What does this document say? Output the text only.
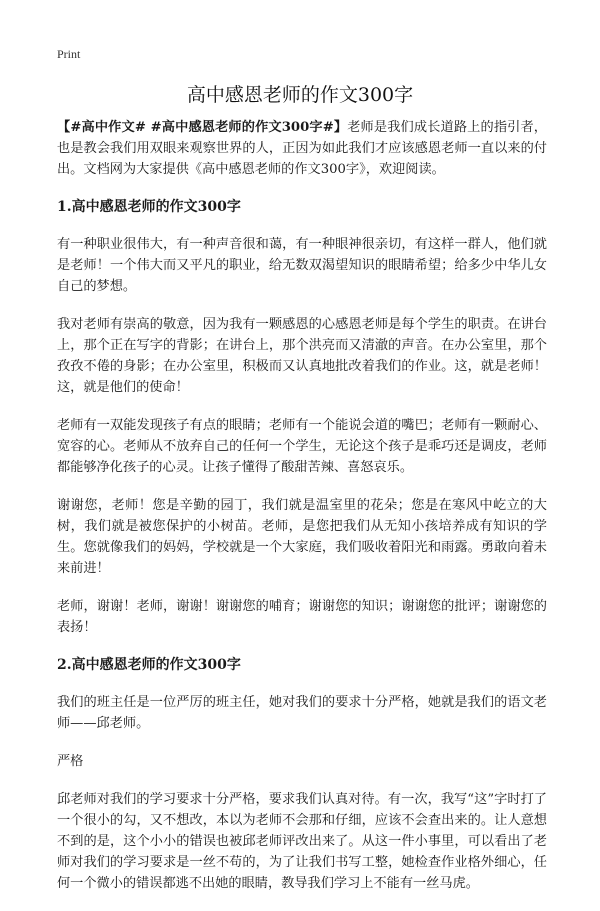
Print
高中感恩老师的作文300字

【#高中作文# #高中感恩老师的作文300字#】老师是我们成长道路上的指引者，也是教会我们用双眼来观察世界的人，正因为如此我们才应该感恩老师一直以来的付出。文档网为大家提供《高中感恩老师的作文300字》，欢迎阅读。

1.高中感恩老师的作文300字

有一种职业很伟大，有一种声音很和蔼，有一种眼神很亲切，有这样一群人，他们就是老师！一个伟大而又平凡的职业，给无数双渴望知识的眼睛希望；给多少中华儿女自己的梦想。

我对老师有崇高的敬意，因为我有一颗感恩的心感恩老师是每个学生的职责。在讲台上，那个正在写字的背影；在讲台上，那个洪亮而又清澈的声音。在办公室里，那个孜孜不倦的身影；在办公室里，积极而又认真地批改着我们的作业。这，就是老师！这，就是他们的使命！

老师有一双能发现孩子有点的眼睛；老师有一个能说会道的嘴巴；老师有一颗耐心、宽容的心。老师从不放弃自己的任何一个学生，无论这个孩子是乖巧还是调皮，老师都能够净化孩子的心灵。让孩子懂得了酸甜苦辣、喜怒哀乐。

谢谢您，老师！您是辛勤的园丁，我们就是温室里的花朵；您是在寒风中屹立的大树，我们就是被您保护的小树苗。老师，是您把我们从无知小孩培养成有知识的学生。您就像我们的妈妈，学校就是一个大家庭，我们吸收着阳光和雨露。勇敢向着未来前进！

老师，谢谢！老师，谢谢！谢谢您的哺育；谢谢您的知识；谢谢您的批评；谢谢您的表扬！

2.高中感恩老师的作文300字

我们的班主任是一位严厉的班主任，她对我们的要求十分严格，她就是我们的语文老师——邱老师。

严格

邱老师对我们的学习要求十分严格，要求我们认真对待。有一次，我写“这”字时打了一个很小的勾，又不想改，本以为老师不会那和仔细，应该不会查出来的。让人意想不到的是，这个小小的错误也被邱老师评改出来了。从这一件小事里，可以看出了老师对我们的学习要求是一丝不苟的，为了让我们书写工整，她检查作业格外细心，任何一个微小的错误都逃不出她的眼睛，教导我们学习上不能有一丝马虎。
